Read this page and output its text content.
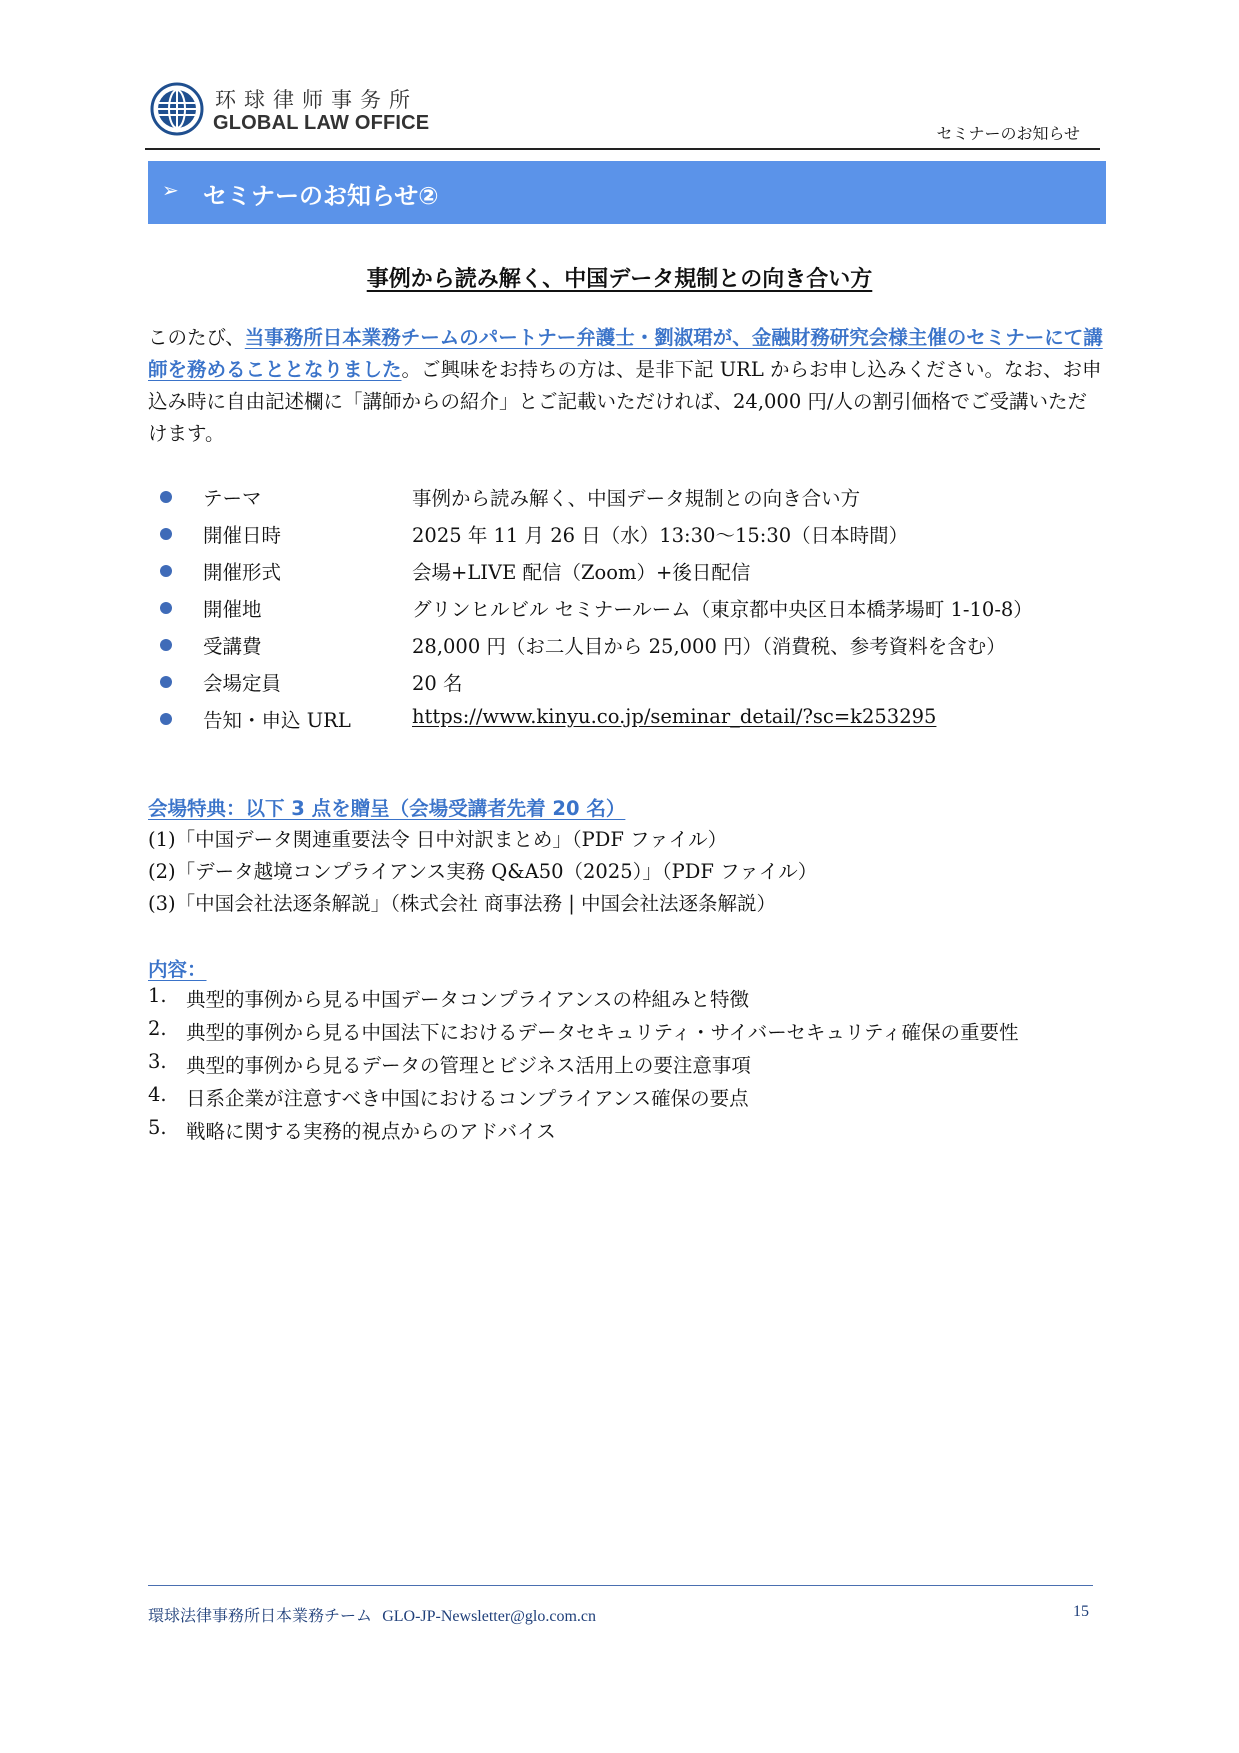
环球律师事务所
GLOBAL LAW OFFICE	セミナーのお知らせ
➢ セミナーのお知らせ②
事例から読み解く、中国データ規制との向き合い方
このたび、当事務所日本業務チームのパートナー弁護士・劉淑珺が、金融財務研究会様主催のセミナーにて講師を務めることとなりました。ご興味をお持ちの方は、是非下記 URL からお申し込みください。なお、お申込み時に自由記述欄に「講師からの紹介」とご記載いただければ、24,000 円/人の割引価格でご受講いただけます。
テーマ	事例から読み解く、中国データ規制との向き合い方
開催日時	2025 年 11 月 26 日（水）13:30～15:30（日本時間）
開催形式	会場+LIVE 配信（Zoom）+後日配信
開催地	グリンヒルビル セミナールーム（東京都中央区日本橋茅場町 1-10-8）
受講費	28,000 円（お二人目から 25,000 円）（消費税、参考資料を含む）
会場定員	20 名
告知・申込 URL	https://www.kinyu.co.jp/seminar_detail/?sc=k253295
会場特典：以下 3 点を贈呈（会場受講者先着 20 名）
(1)「中国データ関連重要法令 日中対訳まとめ」（PDF ファイル）
(2)「データ越境コンプライアンス実務 Q&A50（2025）」（PDF ファイル）
(3)「中国会社法逐条解説」（株式会社 商事法務 | 中国会社法逐条解説）
内容：
1. 典型的事例から見る中国データコンプライアンスの枠組みと特徴
2. 典型的事例から見る中国法下におけるデータセキュリティ・サイバーセキュリティ確保の重要性
3. 典型的事例から見るデータの管理とビジネス活用上の要注意事項
4. 日系企業が注意すべき中国におけるコンプライアンス確保の要点
5. 戦略に関する実務的視点からのアドバイス
環球法律事務所日本業務チーム GLO-JP-Newsletter@glo.com.cn	15
